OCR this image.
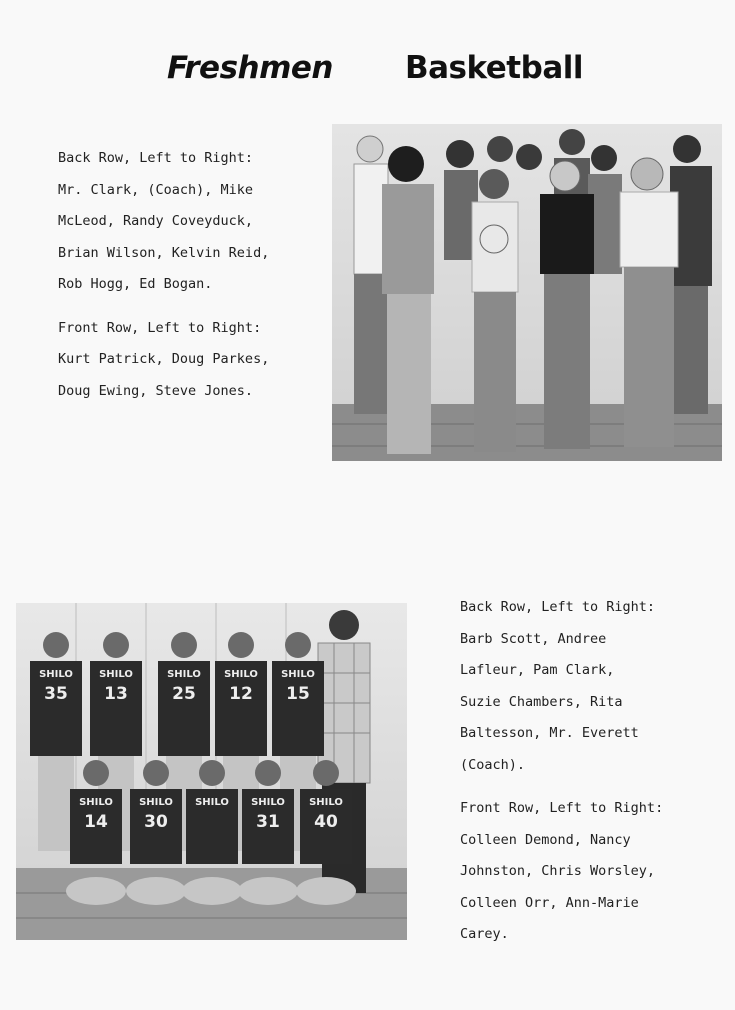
Freshmen Basketball

Back Row, Left to Right:

Mr. Clark, (Coach), Mike

McLeod, Randy Coveyduck,

Brian Wilson, Kelvin Reid,

Rob Hogg, Ed Bogan.

Front Row, Left to Right:

Kurt Patrick, Doug Parkes,

Doug Ewing, Steve Jones.

SHILO
35
SHILO
13
SHILO
25
SHILO
12
SHILO
15
SHILO
14
SHILO
30
SHILO SHILO
31
SHILO
40

Back Row, Left to Right:

Barb Scott, Andree

Lafleur, Pam Clark,

Suzie Chambers, Rita

Baltesson, Mr. Everett

(Coach).

Front Row, Left to Right:

Colleen Demond, Nancy

Johnston, Chris Worsley,

Colleen Orr, Ann-Marie

Carey.
